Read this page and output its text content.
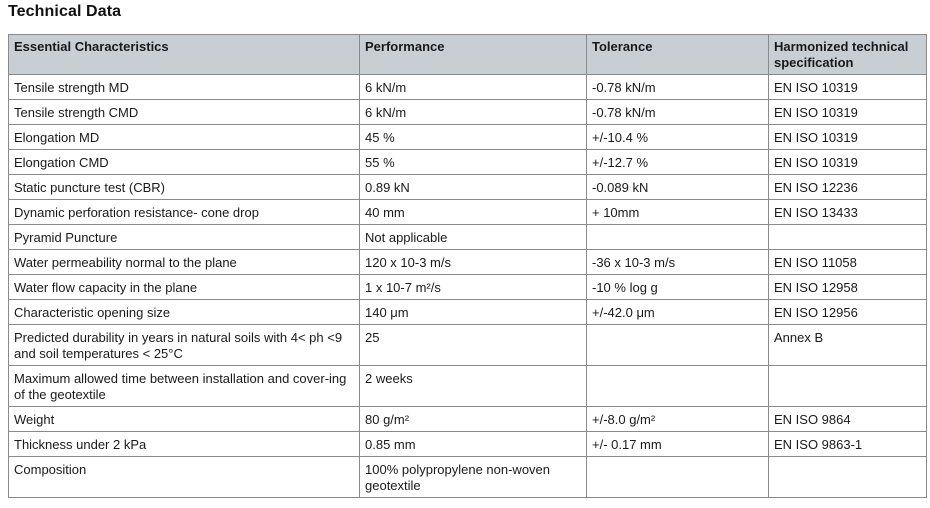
Technical Data
Essential Characteristics	Performance	Tolerance	Harmonized technical specification
Tensile strength MD	6 kN/m	-0.78 kN/m	EN ISO 10319
Tensile strength CMD	6 kN/m	-0.78 kN/m	EN ISO 10319
Elongation MD	45 %	+/-10.4 %	EN ISO 10319
Elongation CMD	55 %	+/-12.7 %	EN ISO 10319
Static puncture test (CBR)	0.89 kN	-0.089 kN	EN ISO 12236
Dynamic perforation resistance- cone drop	40 mm	+ 10mm	EN ISO 13433
Pyramid Puncture	Not applicable		
Water permeability normal to the plane	120 x 10-3 m/s	-36 x 10-3 m/s	EN ISO 11058
Water flow capacity in the plane	1 x 10-7 m²/s	-10 % log g	EN ISO 12958
Characteristic opening size	140 μm	+/-42.0 μm	EN ISO 12956
Predicted durability in years in natural soils with 4< ph <9 and soil temperatures < 25°C	25		Annex B
Maximum allowed time between installation and cover-ing of the geotextile	2 weeks		
Weight	80 g/m²	+/-8.0 g/m²	EN ISO 9864
Thickness under 2 kPa	0.85 mm	+/- 0.17 mm	EN ISO 9863-1
Composition	100% polypropylene non-woven geotextile		
